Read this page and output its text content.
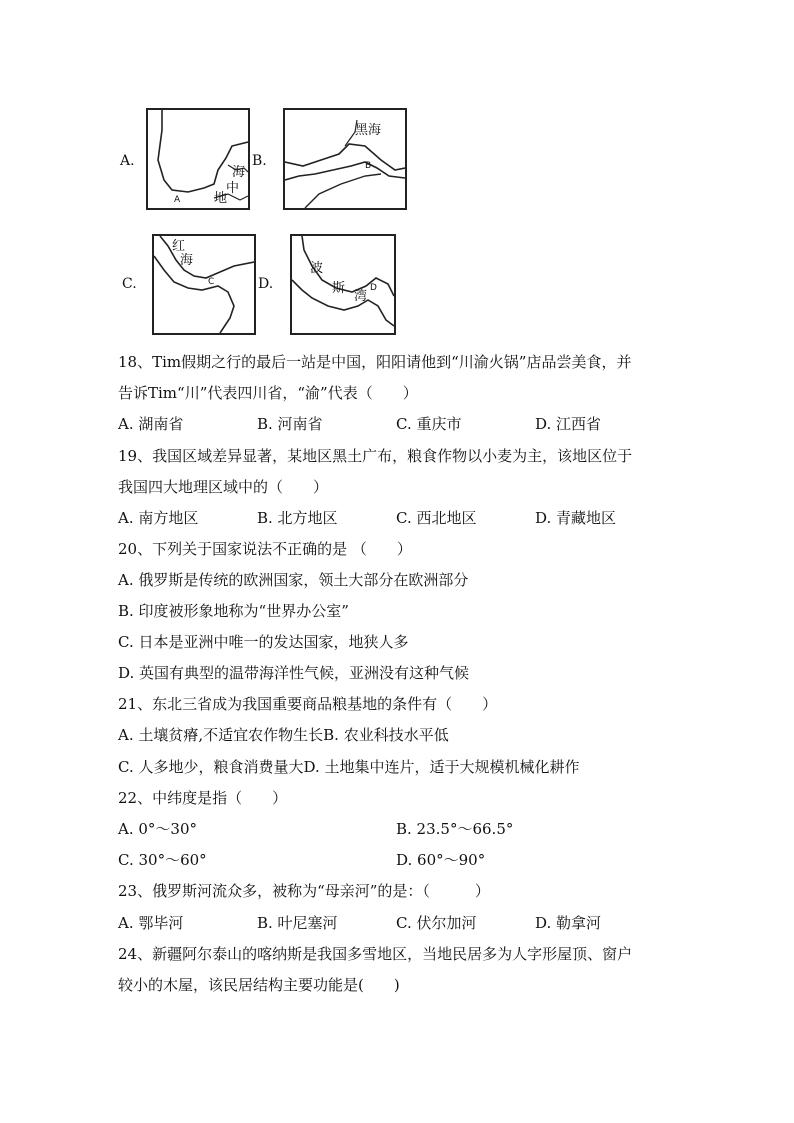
A.
海
中
地
A
B.
黑海
B
C.
红
海
C	D.
波
斯
湾
D
18、Tim假期之行的最后一站是中国，阳阳请他到“川渝火锅”店品尝美食，并
告诉Tim“川”代表四川省，“渝”代表（　　）
A. 湖南省	B. 河南省	C. 重庆市	D. 江西省
19、我国区域差异显著，某地区黑土广布，粮食作物以小麦为主，该地区位于
我国四大地理区域中的（　　）
A. 南方地区	B. 北方地区	C. 西北地区	D. 青藏地区
20、下列关于国家说法不正确的是 （　　）
A. 俄罗斯是传统的欧洲国家，领土大部分在欧洲部分
B. 印度被形象地称为“世界办公室”
C. 日本是亚洲中唯一的发达国家，地狭人多
D. 英国有典型的温带海洋性气候，亚洲没有这种气候
21、东北三省成为我国重要商品粮基地的条件有（　　）
A. 土壤贫瘠,不适宜农作物生长B. 农业科技水平低
C. 人多地少，粮食消费量大D. 土地集中连片，适于大规模机械化耕作
22、中纬度是指（　　）
A. 0°～30°	B. 23.5°～66.5°
C. 30°～60°	D. 60°～90°
23、俄罗斯河流众多，被称为“母亲河”的是：（　　　）
A. 鄂毕河	B. 叶尼塞河	C. 伏尔加河	D. 勒拿河
24、新疆阿尔泰山的喀纳斯是我国多雪地区，当地民居多为人字形屋顶、窗户
较小的木屋，该民居结构主要功能是(　　)
